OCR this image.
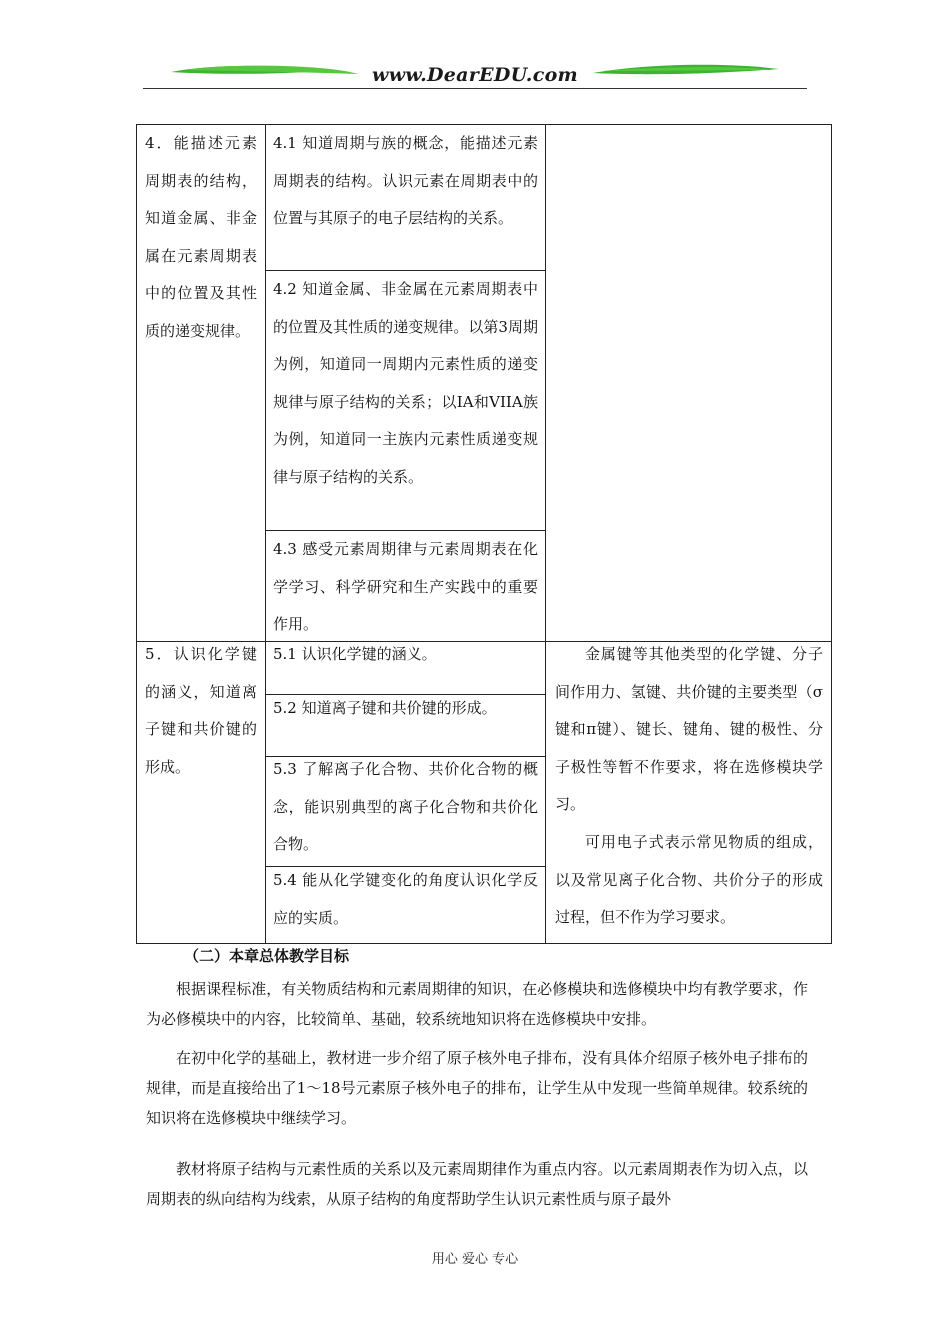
www.DearEDU.com
4．能描述元素周期表的结构，知道金属、非金属在元素周期表中的位置及其性质的递变规律。
4.1 知道周期与族的概念，能描述元素周期表的结构。认识元素在周期表中的位置与其原子的电子层结构的关系。
4.2 知道金属、非金属在元素周期表中的位置及其性质的递变规律。以第3周期为例，知道同一周期内元素性质的递变规律与原子结构的关系；以IA和VIIA族为例，知道同一主族内元素性质递变规律与原子结构的关系。
4.3 感受元素周期律与元素周期表在化学学习、科学研究和生产实践中的重要作用。
5．认识化学键的涵义，知道离子键和共价键的形成。
5.1 认识化学键的涵义。
5.2 知道离子键和共价键的形成。
5.3 了解离子化合物、共价化合物的概念，能识别典型的离子化合物和共价化合物。
5.4 能从化学键变化的角度认识化学反应的实质。
金属键等其他类型的化学键、分子间作用力、氢键、共价键的主要类型（σ键和π键）、键长、键角、键的极性、分子极性等暂不作要求，将在选修模块学习。
可用电子式表示常见物质的组成，以及常见离子化合物、共价分子的形成过程，但不作为学习要求。
（二）本章总体教学目标
根据课程标准，有关物质结构和元素周期律的知识，在必修模块和选修模块中均有教学要求，作为必修模块中的内容，比较简单、基础，较系统地知识将在选修模块中安排。
在初中化学的基础上，教材进一步介绍了原子核外电子排布，没有具体介绍原子核外电子排布的规律，而是直接给出了1～18号元素原子核外电子的排布，让学生从中发现一些简单规律。较系统的知识将在选修模块中继续学习。
教材将原子结构与元素性质的关系以及元素周期律作为重点内容。以元素周期表作为切入点，以周期表的纵向结构为线索，从原子结构的角度帮助学生认识元素性质与原子最外
用心 爱心 专心
